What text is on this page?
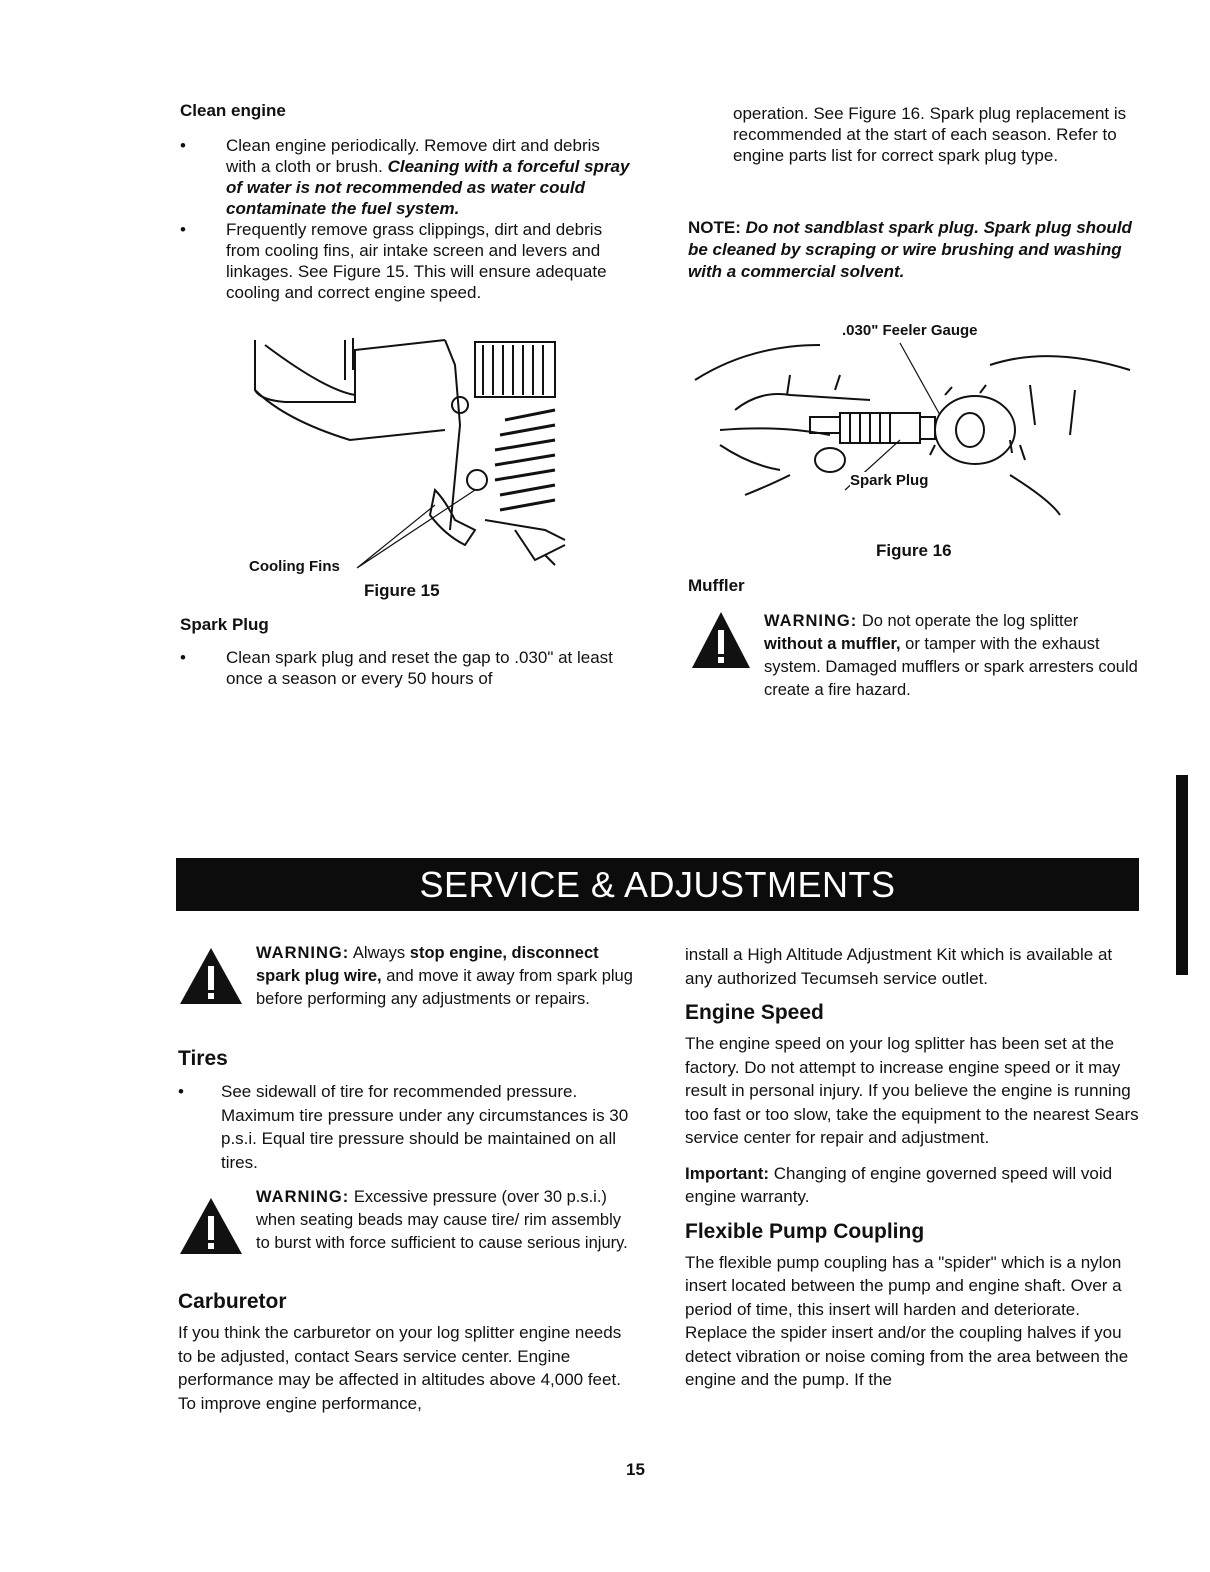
Clean engine
• Clean engine periodically. Remove dirt and debris with a cloth or brush. Cleaning with a forceful spray of water is not recommended as water could contaminate the fuel system.
• Frequently remove grass clippings, dirt and debris from cooling fins, air intake screen and levers and linkages. See Figure 15. This will ensure adequate cooling and correct engine speed.
Cooling Fins
Figure 15
Spark Plug
• Clean spark plug and reset the gap to .030" at least once a season or every 50 hours of
operation. See Figure 16. Spark plug replacement is recommended at the start of each season. Refer to engine parts list for correct spark plug type.
NOTE: Do not sandblast spark plug. Spark plug should be cleaned by scraping or wire brushing and washing with a commercial solvent.
.030" Feeler Gauge
Spark Plug
Figure 16
Muffler
WARNING: Do not operate the log splitter without a muffler, or tamper with the exhaust system. Damaged mufflers or spark arresters could create a fire hazard.
SERVICE & ADJUSTMENTS
WARNING: Always stop engine, disconnect spark plug wire, and move it away from spark plug before performing any adjustments or repairs.
Tires
• See sidewall of tire for recommended pressure. Maximum tire pressure under any circumstances is 30 p.s.i. Equal tire pressure should be maintained on all tires.
WARNING: Excessive pressure (over 30 p.s.i.) when seating beads may cause tire/ rim assembly to burst with force sufficient to cause serious injury.
Carburetor
If you think the carburetor on your log splitter engine needs to be adjusted, contact Sears service center. Engine performance may be affected in altitudes above 4,000 feet. To improve engine performance,
install a High Altitude Adjustment Kit which is available at any authorized Tecumseh service outlet.
Engine Speed
The engine speed on your log splitter has been set at the factory. Do not attempt to increase engine speed or it may result in personal injury. If you believe the engine is running too fast or too slow, take the equipment to the nearest Sears service center for repair and adjustment.
Important: Changing of engine governed speed will void engine warranty.
Flexible Pump Coupling
The flexible pump coupling has a "spider" which is a nylon insert located between the pump and engine shaft. Over a period of time, this insert will harden and deteriorate. Replace the spider insert and/or the coupling halves if you detect vibration or noise coming from the area between the engine and the pump. If the
15
